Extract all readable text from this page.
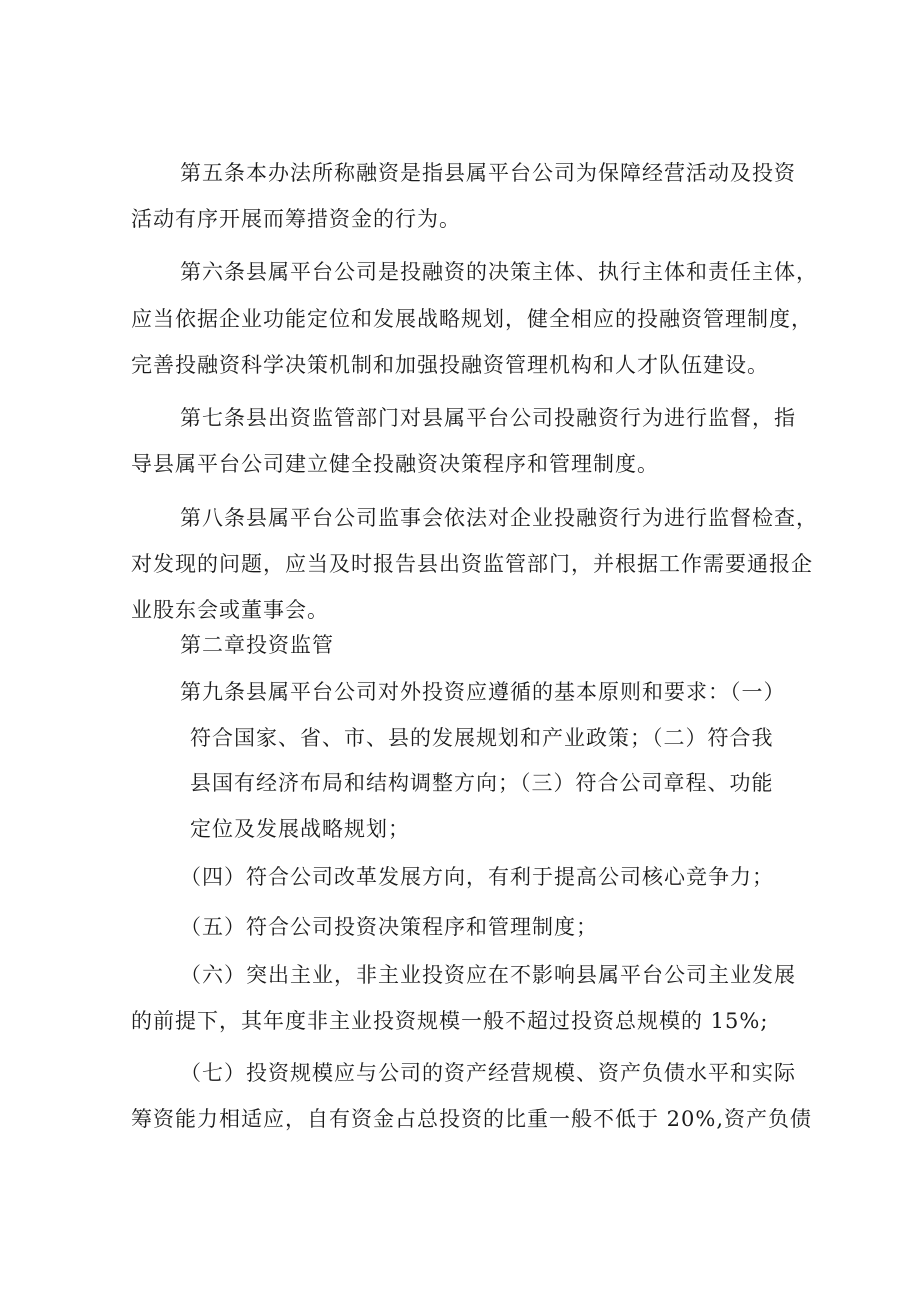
第五条本办法所称融资是指县属平台公司为保障经营活动及投资
活动有序开展而筹措资金的行为。
第六条县属平台公司是投融资的决策主体、执行主体和责任主体，
应当依据企业功能定位和发展战略规划，健全相应的投融资管理制度，
完善投融资科学决策机制和加强投融资管理机构和人才队伍建设。
第七条县出资监管部门对县属平台公司投融资行为进行监督，指
导县属平台公司建立健全投融资决策程序和管理制度。
第八条县属平台公司监事会依法对企业投融资行为进行监督检查，
对发现的问题，应当及时报告县出资监管部门，并根据工作需要通报企
业股东会或董事会。
第二章投资监管
第九条县属平台公司对外投资应遵循的基本原则和要求：（一）
符合国家、省、市、县的发展规划和产业政策；（二）符合我
县国有经济布局和结构调整方向；（三）符合公司章程、功能
定位及发展战略规划；
（四）符合公司改革发展方向，有利于提高公司核心竞争力；
（五）符合公司投资决策程序和管理制度；
（六）突出主业，非主业投资应在不影响县属平台公司主业发展
的前提下，其年度非主业投资规模一般不超过投资总规模的 15%;
（七）投资规模应与公司的资产经营规模、资产负债水平和实际
筹资能力相适应，自有资金占总投资的比重一般不低于 20%,资产负债
